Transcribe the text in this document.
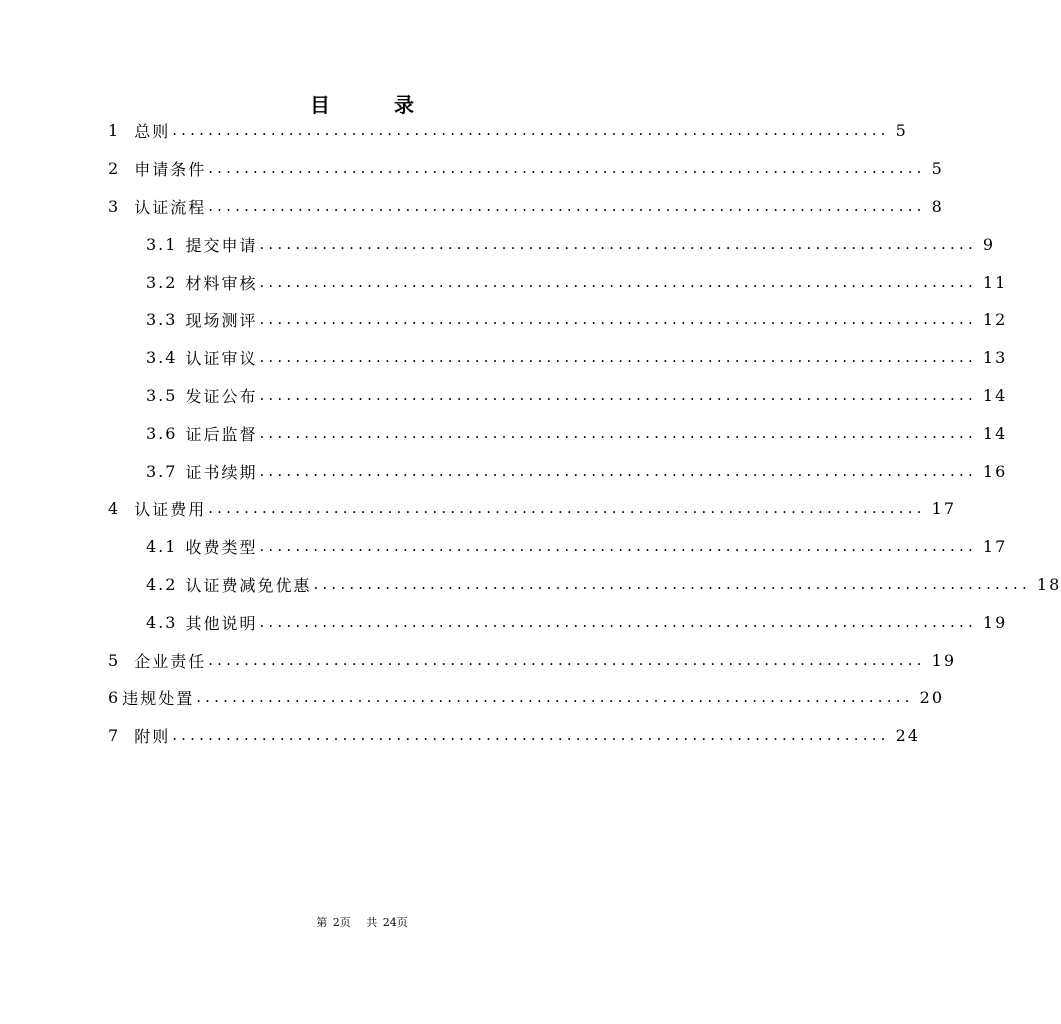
目　录
1 总则 ................................................................................ 5
2 申请条件 ................................................................................ 5
3 认证流程 ................................................................................ 8
3.1 提交申请 ................................................................................ 9
3.2 材料审核 ................................................................................ 11
3.3 现场测评 ................................................................................ 12
3.4 认证审议 ................................................................................ 13
3.5 发证公布 ................................................................................ 14
3.6 证后监督 ................................................................................ 14
3.7 证书续期 ................................................................................ 16
4 认证费用 ................................................................................ 17
4.1 收费类型 ................................................................................ 17
4.2 认证费减免优惠 ................................................................................ 18
4.3 其他说明 ................................................................................ 19
5 企业责任 ................................................................................ 19
6 违规处置 ................................................................................ 20
7 附则 ................................................................................ 24
第 2页 共 24页
